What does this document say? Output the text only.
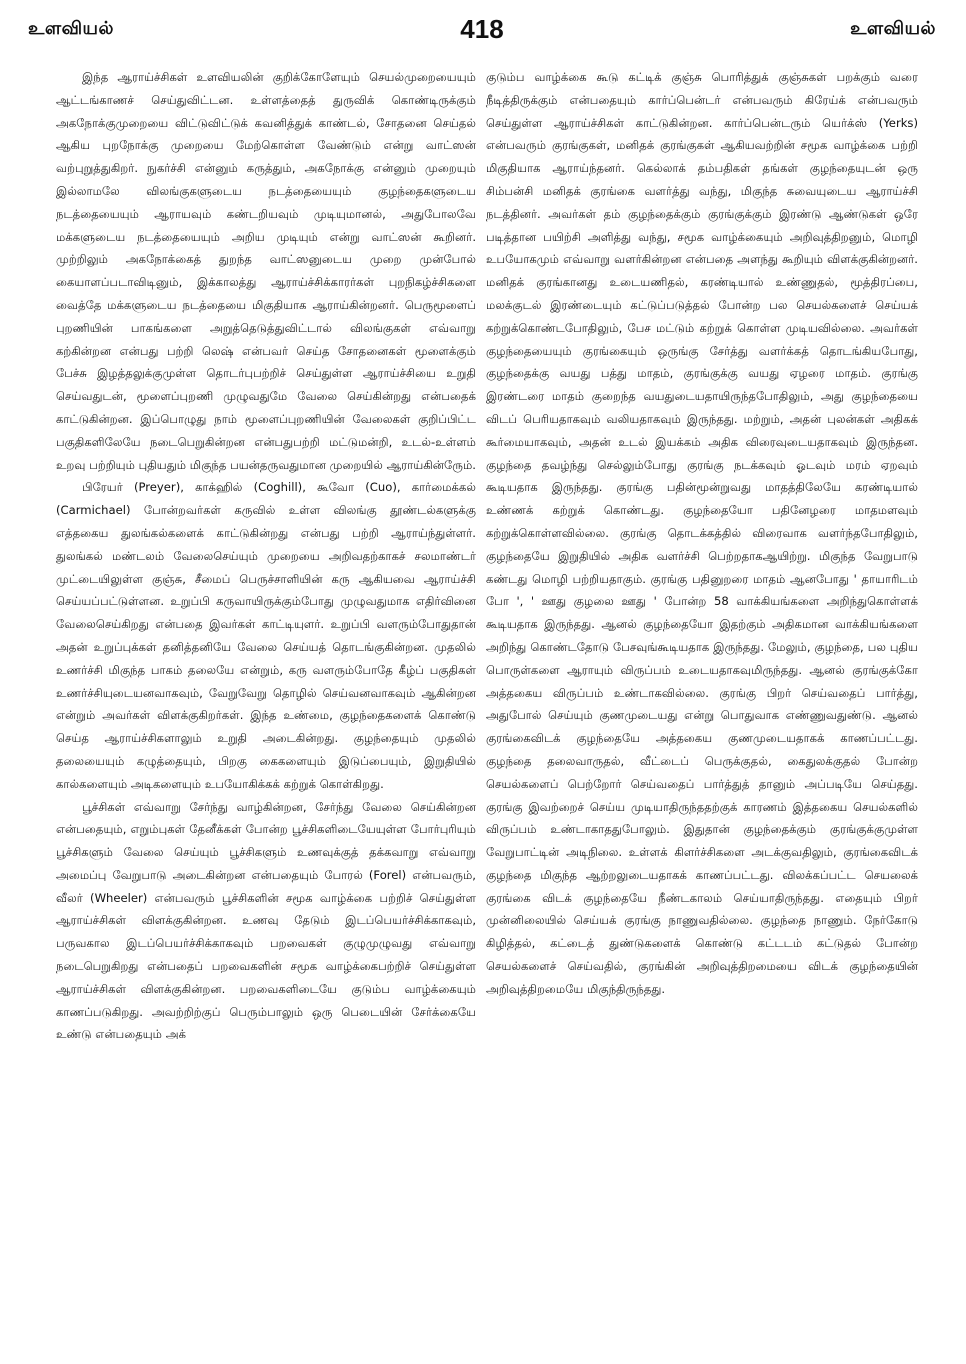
உளவியல்	418	உளவியல்

இந்த ஆராய்ச்சிகள் உளவியலின் குறிக்கோளேயும் செயல்முறையையும் ஆட்டங்காணச் செய்துவிட்டன. உள்ளத்தைத் துருவிக் கொண்டிருக்கும் அகநோக்குமுறையை விட்டுவிட்டுக் கவனித்துக் காண்டல், சோதனை செய்தல் ஆகிய புறநோக்கு முறையை மேற்கொள்ள வேண்டும் என்று வாட்ஸன் வற்புறுத்துகிறர். நுகர்ச்சி என்னும் கருத்தும், அகநோக்கு என்னும் முறையும் இல்லாமலே விலங்குகளுடைய நடத்தையையும் குழந்தைகளுடைய நடத்தையையும் ஆராயவும் கண்டறியவும் முடியுமானல், அதுபோலவே மக்களுடைய நடத்தையையும் அறிய முடியும் என்று வாட்ஸன் கூறினர். முற்றிலும் அகநோக்கைத் துறந்த வாட்ஸனுடைய முறை முன்போல் கையாளப்படாவிடினும், இக்காலத்து ஆராய்ச்சிக்காரர்கள் புறநிகழ்ச்சிகளை வைத்தே மக்களுடைய நடத்தையை மிகுதியாக ஆராய்கின்றனர். பெருமூளைப் புறணியின் பாகங்களை அறுத்தெடுத்துவிட்டால் விலங்குகள் எவ்வாறு கற்கின்றன என்பது பற்றி லெஷ் என்பவர் செய்த சோதனைகள் மூளைக்கும் பேச்சு இழத்தலுக்குமுள்ள தொடர்புபற்றிச் செய்துள்ள ஆராய்ச்சியை உறுதி செய்வதுடன், மூளைப்புறணி முழுவதுமே வேலை செய்கின்றது என்பதைக் காட்டுகின்றன. இப்பொழுது நாம் மூளைப்புறணியின் வேலைகள் குறிப்பிட்ட பகுதிகளிலேயே நடைபெறுகின்றன என்பதுபற்றி மட்டுமன்றி, உடல்-உள்ளம் உறவு பற்றியும் புதியதும் மிகுந்த பயன்தருவதுமான முறையில் ஆராய்கின்ருேம்.

பிரேயர் (Preyer), காக்ஹில் (Coghill), கூவோ (Cuo), கார்மைக்கல் (Carmichael) போன்றவர்கள் கருவில் உள்ள விலங்கு தூண்டல்களுக்கு எத்தகைய துலங்கல்களைக் காட்டுகின்றது என்பது பற்றி ஆராய்ந்துள்ளர். துலங்கல் மண்டலம் வேலைசெய்யும் முறையை அறிவதற்காகச் சலமாண்டர் முட்டையிலுள்ள குஞ்சு, சீமைப் பெருச்சாளியின் கரு ஆகியவை ஆராய்ச்சி செய்யப்பட்டுள்ளன. உறுப்பி கருவாயிருக்கும்போது முழுவதுமாக எதிர்வினை வேலைசெய்கிறது என்பதை இவர்கள் காட்டியுளர். உறுப்பி வளரும்போதுதான் அதன் உறுப்புக்கள் தனித்தனியே வேலை செய்யத் தொடங்குகின்றன. முதலில் உணர்ச்சி மிகுந்த பாகம் தலையே என்றும், கரு வளரும்போதே கீழ்ப் பகுதிகள் உணர்ச்சியுடையனவாகவும், வேறுவேறு தொழில் செய்வனவாகவும் ஆகின்றன என்றும் அவர்கள் விளக்குகிறர்கள். இந்த உண்மை, குழந்தைகளைக் கொண்டு செய்த ஆராய்ச்சிகளாலும் உறுதி அடைகின்றது. குழந்தையும் முதலில் தலையையும் கழுத்தையும், பிறகு கைகளையும் இடுப்பையும், இறுதியில் கால்களையும் அடிகளையும் உபயோகிக்கக் கற்றுக் கொள்கிறது.

பூச்சிகள் எவ்வாறு சேர்ந்து வாழ்கின்றன, சேர்ந்து வேலை செய்கின்றன என்பதையும், எறும்புகள் தேனீக்கள் போன்ற பூச்சிகளிடையேயுள்ள போர்புரியும் பூச்சிகளும் வேலை செய்யும் பூச்சிகளும் உணவுக்குத் தக்கவாறு எவ்வாறு அமைப்பு வேறுபாடு அடைகின்றன என்பதையும் போரல் (Forel) என்பவரும், வீலர் (Wheeler) என்பவரும் பூச்சிகளின் சமூக வாழ்க்கை பற்றிச் செய்துள்ள ஆராய்ச்சிகள் விளக்குகின்றன. உணவு தேடும் இடப்பெயர்ச்சிக்காகவும், பருவகால இடப்பெயர்ச்சிக்காகவும் பறவைகள் குழுமுழுவது எவ்வாறு நடைபெறுகிறது என்பதைப் பறவைகளின் சமூக வாழ்க்கைபற்றிச் செய்துள்ள ஆராய்ச்சிகள் விளக்குகின்றன. பறவைகளிடையே குடும்ப வாழ்க்கையும் காணப்படுகிறது. அவற்றிற்குப் பெரும்பாலும் ஒரு பெடையின் சேர்க்கையே உண்டு என்பதையும் அக்

குடும்ப வாழ்க்கை கூடு கட்டிக் குஞ்சு பொரித்துக் குஞ்சுகள் பறக்கும் வரை நீடித்திருக்கும் என்பதையும் கார்ப்பென்டர் என்பவரும் கிரேய்க் என்பவரும் செய்துள்ள ஆராய்ச்சிகள் காட்டுகின்றன. கார்ப்பென்டரும் யெர்க்ஸ் (Yerks) என்பவரும் குரங்குகள், மனிதக் குரங்குகள் ஆகியவற்றின் சமூக வாழ்க்கை பற்றி மிகுதியாக ஆராய்ந்தனர். கெல்லாக் தம்பதிகள் தங்கள் குழந்தையுடன் ஒரு சிம்பன்சி மனிதக் குரங்கை வளர்த்து வந்து, மிகுந்த சுவையுடைய ஆராய்ச்சி நடத்தினர். அவர்கள் தம் குழந்தைக்கும் குரங்குக்கும் இரண்டு ஆண்டுகள் ஒரே படித்தான பயிற்சி அளித்து வந்து, சமூக வாழ்க்கையும் அறிவுத்திறனும், மொழி உபயோகமும் எவ்வாறு வளர்கின்றன என்பதை அளந்து கூறியும் விளக்குகின்றனர். மனிதக் குரங்கானது உடையணிதல், கரண்டியால் உண்ணுதல், மூத்திரப்பை, மலக்குடல் இரண்டையும் கட்டுப்படுத்தல் போன்ற பல செயல்களைச் செய்யக் கற்றுக்கொண்டபோதிலும், பேச மட்டும் கற்றுக் கொள்ள முடியவில்லை. அவர்கள் குழந்தையையும் குரங்கையும் ஒருங்கு சேர்த்து வளர்க்கத் தொடங்கியபோது, குழந்தைக்கு வயது பத்து மாதம், குரங்குக்கு வயது ஏழரை மாதம். குரங்கு இரண்டரை மாதம் குறைந்த வயதுடையதாயிருந்தபோதிலும், அது குழந்தையை விடப் பெரியதாகவும் வலியதாகவும் இருந்தது. மற்றும், அதன் புலன்கள் அதிகக் கூர்மையாகவும், அதன் உடல் இயக்கம் அதிக விரைவுடையதாகவும் இருந்தன. குழந்தை தவழ்ந்து செல்லும்போது குரங்கு நடக்கவும் ஓடவும் மரம் ஏறவும் கூடியதாக இருந்தது. குரங்கு பதின்மூன்றுவது மாதத்திலேயே கரண்டியால் உண்ணக் கற்றுக் கொண்டது. குழந்தையோ பதினேழரை மாதமளவும் கற்றுக்கொள்ளவில்லை. குரங்கு தொடக்கத்தில் விரைவாக வளர்ந்தபோதிலும், குழந்தையே இறுதியில் அதிக வளர்ச்சி பெற்றதாகஆயிற்று. மிகுந்த வேறுபாடு கண்டது மொழி பற்றியதாகும். குரங்கு பதினுறரை மாதம் ஆனபோது ' தாயாரிடம் போ ', ' ஊது குழலை ஊது ' போன்ற 58 வாக்கியங்களை அறிந்துகொள்ளக் கூடியதாக இருந்தது. ஆனல் குழந்தையோ இதற்கும் அதிகமான வாக்கியங்களை அறிந்து கொண்டதோடு பேசவுங்கூடியதாக இருந்தது. மேலும், குழந்தை, பல புதிய பொருள்களை ஆராயும் விருப்பம் உடையதாகவுமிருந்தது. ஆனல் குரங்குக்கோ அத்தகைய விருப்பம் உண்டாகவில்லை. குரங்கு பிறர் செய்வதைப் பார்த்து, அதுபோல் செய்யும் குணமுடையது என்று பொதுவாக எண்ணுவதுண்டு. ஆனல் குரங்கைவிடக் குழந்தையே அத்தகைய குணமுடையதாகக் காணப்பட்டது. குழந்தை தலைவாருதல், வீட்டைப் பெருக்குதல், கைதுலக்குதல் போன்ற செயல்களைப் பெற்றோர் செய்வதைப் பார்த்துத் தானும் அப்படியே செய்தது. குரங்கு இவற்றைச் செய்ய முடியாதிருந்ததற்குக் காரணம் இத்தகைய செயல்களில் விருப்பம் உண்டாகாததுபோலும். இதுதான் குழந்தைக்கும் குரங்குக்குமுள்ள வேறுபாட்டின் அடிநிலை. உள்ளக் கிளர்ச்சிகளை அடக்குவதிலும், குரங்கைவிடக் குழந்தை மிகுந்த ஆற்றலுடையதாகக் காணப்பட்டது. விலக்கப்பட்ட செயலைக் குரங்கை விடக் குழந்தையே நீண்டகாலம் செய்யாதிருந்தது. எதையும் பிறர் முன்னிலையில் செய்யக் குரங்கு நாணுவதில்லை. குழந்தை நாணும். நேர்கோடு கிழித்தல், கட்டைத் துண்டுகளைக் கொண்டு கட்டடம் கட்டுதல் போன்ற செயல்களைச் செய்வதில், குரங்கின் அறிவுத்திறமையை விடக் குழந்தையின் அறிவுத்திறமையே மிகுந்திருந்தது.
